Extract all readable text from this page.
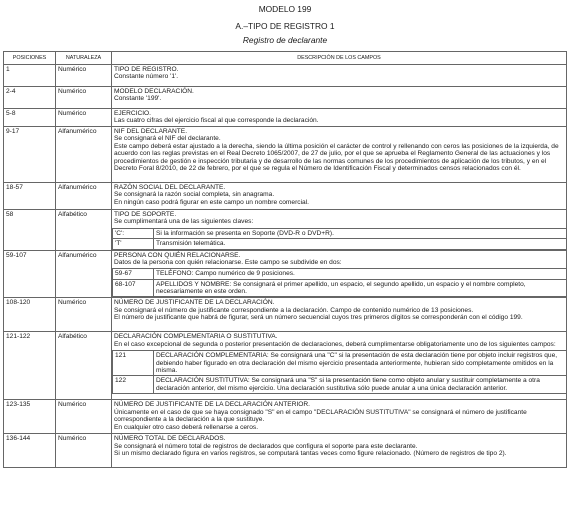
MODELO 199
A.–TIPO DE REGISTRO 1
Registro de declarante
POSICIONES	NATURALEZA	DESCRIPCIÓN DE LOS CAMPOS
1	Numérico	TIPO DE REGISTRO.
Constante número '1'.

2-4	Numérico	MODELO DECLARACIÓN.
Constante '199'.

5-8	Numérico	EJERCICIO.
Las cuatro cifras del ejercicio fiscal al que corresponde la declaración.

9-17	Alfanumérico	NIF DEL DECLARANTE.
Se consignará el NIF del declarante.
Este campo deberá estar ajustado a la derecha, siendo la última posición el carácter de control y rellenando con ceros las posiciones de la izquierda, de acuerdo con las reglas previstas en el Real Decreto 1065/2007, de 27 de julio, por el que se aprueba el Reglamento General de las actuaciones y los procedimientos de gestión e inspección tributaria y de desarrollo de las normas comunes de los procedimientos de aplicación de los tributos, y en el Decreto Foral 8/2010, de 22 de febrero, por el que se regula el Número de Identificación Fiscal y determinados censos relacionados con él.

18-57	Alfanumérico	RAZÓN SOCIAL DEL DECLARANTE.
Se consignará la razón social completa, sin anagrama.
En ningún caso podrá figurar en este campo un nombre comercial.

58	Alfabético	TIPO DE SOPORTE.
Se cumplimentará una de las siguientes claves:
'C':	Si la información se presenta en Soporte (DVD-R o DVD+R).
'T'	Transmisión telemática.

59-107	Alfanumérico	PERSONA CON QUIÉN RELACIONARSE.
Datos de la persona con quién relacionarse. Este campo se subdivide en dos:
59-67	TELÉFONO: Campo numérico de 9 posiciones.
68-107	APELLIDOS Y NOMBRE: Se consignará el primer apellido, un espacio, el segundo apellido, un espacio y el nombre completo, necesariamente en este orden.

108-120	Numérico	NÚMERO DE JUSTIFICANTE DE LA DECLARACIÓN.
Se consignará el número de justificante correspondiente a la declaración. Campo de contenido numérico de 13 posiciones.
El número de justificante que habrá de figurar, será un número secuencial cuyos tres primeros dígitos se corresponderán con el código 199.

121-122	Alfabético	DECLARACIÓN COMPLEMENTARIA O SUSTITUTIVA.
En el caso excepcional de segunda o posterior presentación de declaraciones, deberá cumplimentarse obligatoriamente uno de los siguientes campos:
121	DECLARACIÓN COMPLEMENTARIA: Se consignará una "C" si la presentación de esta declaración tiene por objeto incluir registros que, debiendo haber figurado en otra declaración del mismo ejercicio presentada anteriormente, hubieran sido completamente omitidos en la misma.
122	DECLARACIÓN SUSTITUTIVA: Se consignará una "S" si la presentación tiene como objeto anular y sustituir completamente a otra declaración anterior, del mismo ejercicio. Una declaración sustitutiva sólo puede anular a una única declaración anterior.

123-135	Numérico	NÚMERO DE JUSTIFICANTE DE LA DECLARACIÓN ANTERIOR.
Únicamente en el caso de que se haya consignado "S" en el campo "DECLARACIÓN SUSTITUTIVA" se consignará el número de justificante correspondiente a la declaración a la que sustituye.
En cualquier otro caso deberá rellenarse a ceros.

136-144	Numérico	NÚMERO TOTAL DE DECLARADOS.
Se consignará el número total de registros de declarados que configura el soporte para este declarante.
Si un mismo declarado figura en varios registros, se computará tantas veces como figure relacionado. (Número de registros de tipo 2).
